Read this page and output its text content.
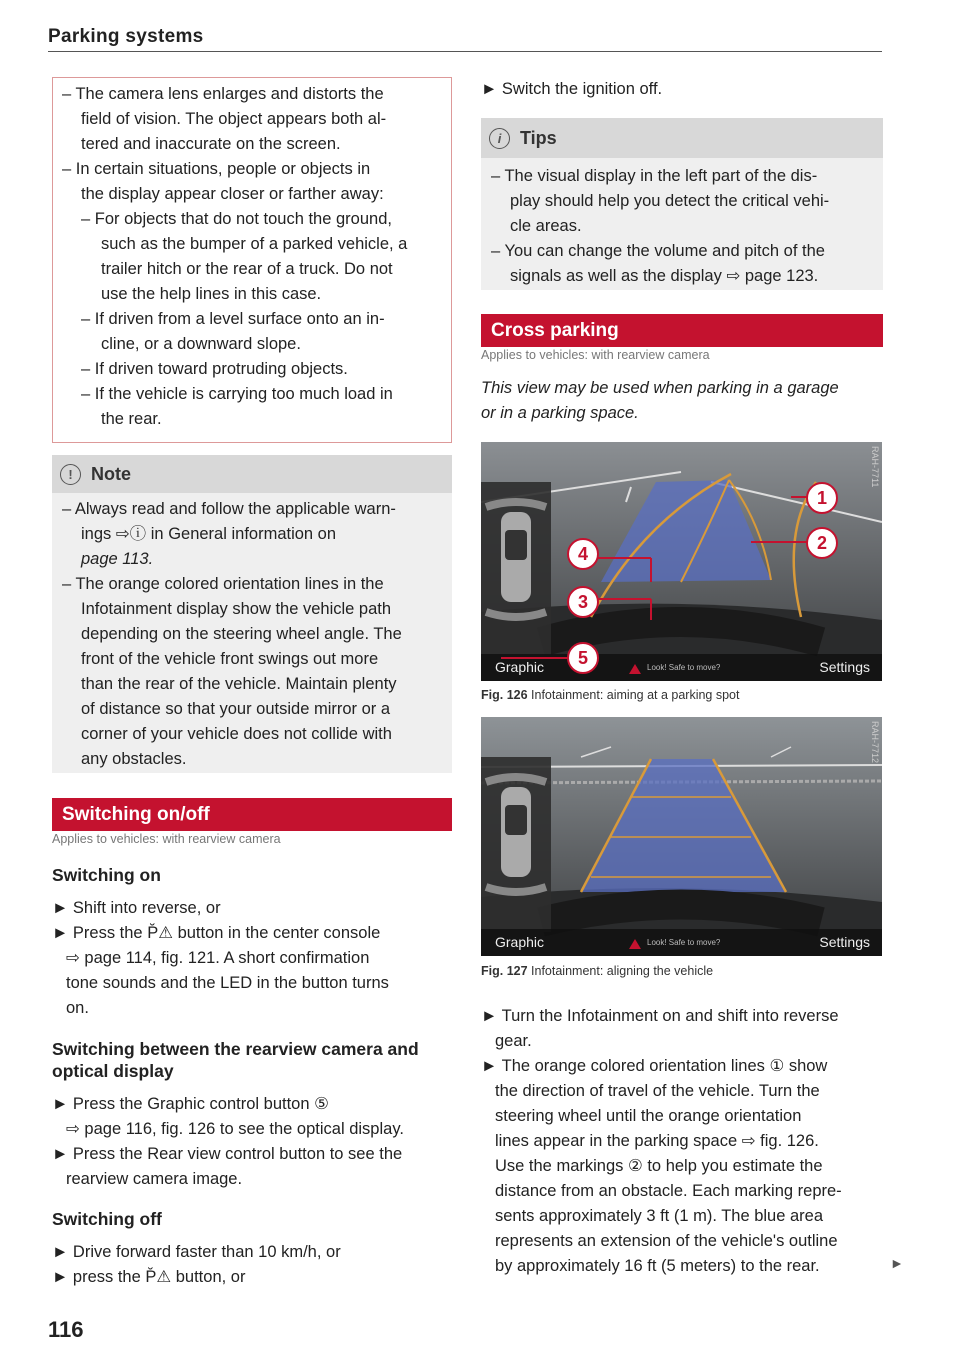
Parking systems

– The camera lens enlarges and distorts the

field of vision. The object appears both al-

tered and inaccurate on the screen.

– In certain situations, people or objects in

the display appear closer or farther away:

– For objects that do not touch the ground,

such as the bumper of a parked vehicle, a

trailer hitch or the rear of a truck. Do not

use the help lines in this case.

– If driven from a level surface onto an in-

cline, or a downward slope.

– If driven toward protruding objects.

– If the vehicle is carrying too much load in

the rear.

!	Note

– Always read and follow the applicable warn-

ings ⇨ⓘ in General information on

page 113.

– The orange colored orientation lines in the

Infotainment display show the vehicle path

depending on the steering wheel angle. The

front of the vehicle front swings out more

than the rear of the vehicle. Maintain plenty

of distance so that your outside mirror or a

corner of your vehicle does not collide with

any obstacles.

Switching on/off
Applies to vehicles: with rearview camera
Switching on

► Shift into reverse, or

► Press the P̆⚠ button in the center console

⇨ page 114, fig. 121. A short confirmation

tone sounds and the LED in the button turns

on.

Switching between the rearview camera and
optical display

► Press the Graphic control button ⑤

⇨ page 116, fig. 126 to see the optical display.

► Press the Rear view control button to see the

rearview camera image.

Switching off

► Drive forward faster than 10 km/h, or

► press the P̆⚠ button, or

116

► Switch the ignition off.

i	Tips

– The visual display in the left part of the dis-

play should help you detect the critical vehi-

cle areas.

– You can change the volume and pitch of the

signals as well as the display ⇨ page 123.

Cross parking
Applies to vehicles: with rearview camera
This view may be used when parking in a garage
or in a parking space.
RAH-7711
Graphic	Look! Safe to move?	Settings
1
2
3
4
5
Fig. 126 Infotainment: aiming at a parking spot
RAH-7712
Graphic	Look! Safe to move?	Settings
Fig. 127 Infotainment: aligning the vehicle

► Turn the Infotainment on and shift into reverse

gear.

► The orange colored orientation lines ① show

the direction of travel of the vehicle. Turn the

steering wheel until the orange orientation

lines appear in the parking space ⇨ fig. 126.

Use the markings ② to help you estimate the

distance from an obstacle. Each marking repre-

sents approximately 3 ft (1 m). The blue area

represents an extension of the vehicle's outline

by approximately 16 ft (5 meters) to the rear.	►
